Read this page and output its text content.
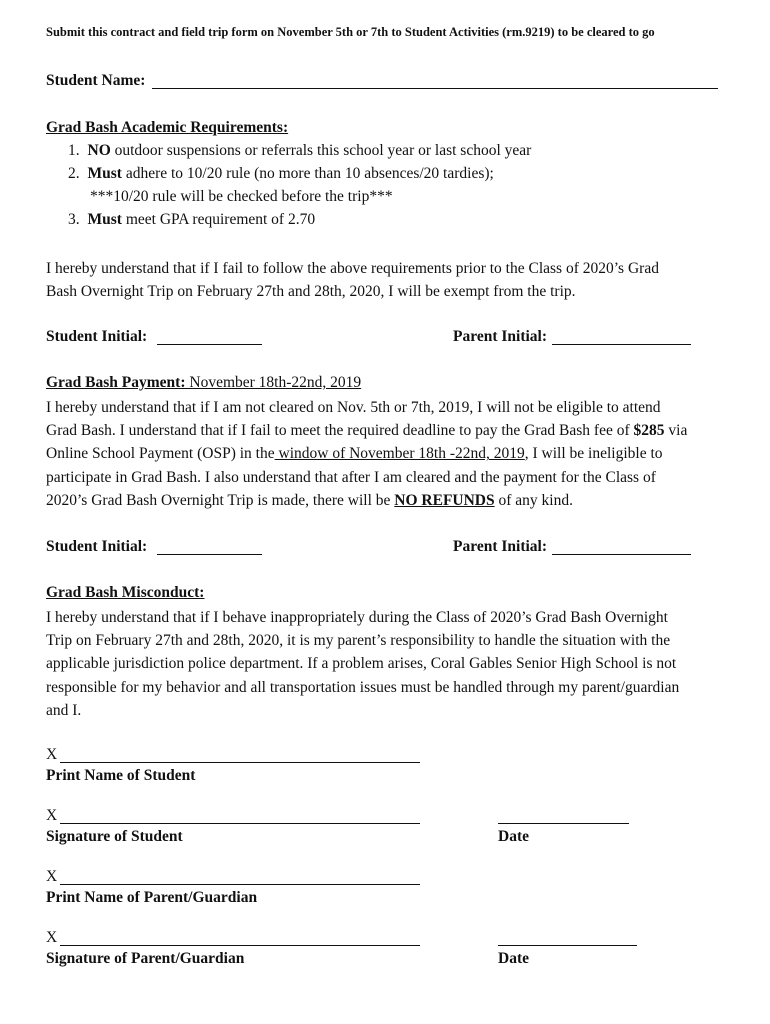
Submit this contract and field trip form on November 5th or 7th to Student Activities (rm.9219) to be cleared to go
Student Name:
Grad Bash Academic Requirements:
1. NO outdoor suspensions or referrals this school year or last school year
2. Must adhere to 10/20 rule (no more than 10 absences/20 tardies);
***10/20 rule will be checked before the trip***
3. Must meet GPA requirement of 2.70
I hereby understand that if I fail to follow the above requirements prior to the Class of 2020’s Grad
Bash Overnight Trip on February 27th and 28th, 2020, I will be exempt from the trip.
Student Initial:	Parent Initial:
Grad Bash Payment: November 18th-22nd, 2019
I hereby understand that if I am not cleared on Nov. 5th or 7th, 2019, I will not be eligible to attend
Grad Bash. I understand that if I fail to meet the required deadline to pay the Grad Bash fee of $285 via
Online School Payment (OSP) in the window of November 18th -22nd, 2019, I will be ineligible to
participate in Grad Bash. I also understand that after I am cleared and the payment for the Class of
2020’s Grad Bash Overnight Trip is made, there will be NO REFUNDS of any kind.
Student Initial:	Parent Initial:
Grad Bash Misconduct:
I hereby understand that if I behave inappropriately during the Class of 2020’s Grad Bash Overnight
Trip on February 27th and 28th, 2020, it is my parent’s responsibility to handle the situation with the
applicable jurisdiction police department. If a problem arises, Coral Gables Senior High School is not
responsible for my behavior and all transportation issues must be handled through my parent/guardian
and I.
X
Print Name of Student
X
Signature of Student	Date
X
Print Name of Parent/Guardian
X
Signature of Parent/Guardian	Date
